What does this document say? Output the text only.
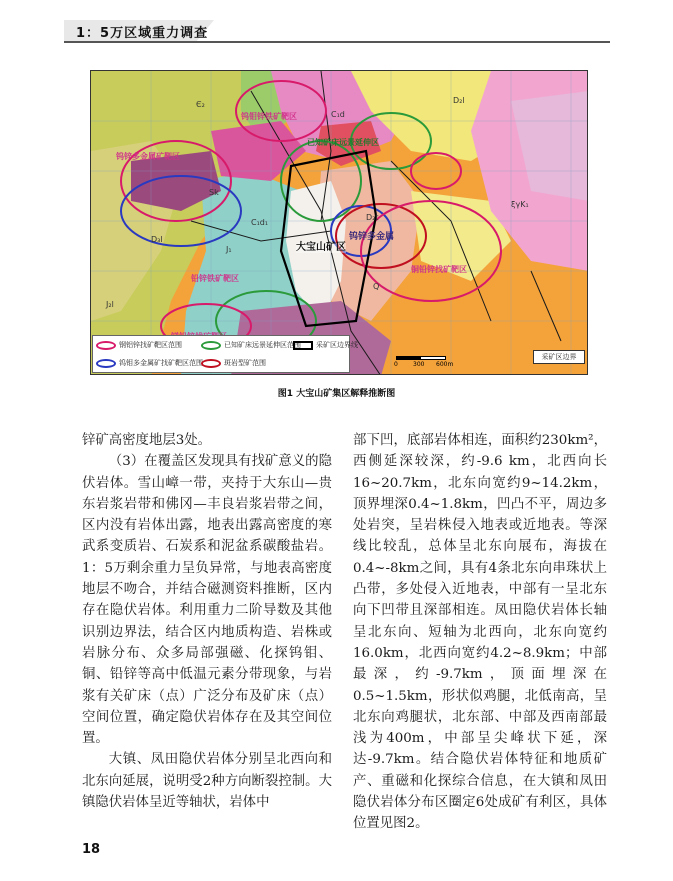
1：5万区域重力调查
钨钼锌铁矿靶区
钨锌多金属矿靶区
已知矿床远景延伸区
大宝山矿区
钨锌多金属
铜铅锌找矿靶区
铅锌铁矿靶区
Є₂	D₂l
D₃l
C₁d
J₁
Q
D₂t
ξγK₁
C₁d₁
J₂l
Sk
钢铝锌找矿靶区范围	已知矿床远景延伸区范围 采矿区边界线
钨钼多金属矿找矿靶区范围	斑岩型矿范围	0	300 600m
采矿区边界
图1 大宝山矿集区解释推断图

锌矿高密度地层3处。

（3）在覆盖区发现具有找矿意义的隐伏岩体。雪山嶂一带，夹持于大东山—贵东岩浆岩带和佛冈—丰良岩浆岩带之间，区内没有岩体出露，地表出露高密度的寒武系变质岩、石炭系和泥盆系碳酸盐岩。1：5万剩余重力呈负异常，与地表高密度地层不吻合，并结合磁测资料推断，区内存在隐伏岩体。利用重力二阶导数及其他识别边界法，结合区内地质构造、岩株或岩脉分布、众多局部强磁、化探钨钼、铜、铅锌等高中低温元素分带现象，与岩浆有关矿床（点）广泛分布及矿床（点）空间位置，确定隐伏岩体存在及其空间位置。

大镇、凤田隐伏岩体分别呈北西向和北东向延展，说明受2种方向断裂控制。大镇隐伏岩体呈近等轴状，岩体中

部下凹，底部岩体相连，面积约230km²，西侧延深较深，约-9.6 km，北西向长16~20.7km，北东向宽约9~14.2km，顶界埋深0.4~1.8km，凹凸不平，周边多处岩突，呈岩株侵入地表或近地表。等深线比较乱，总体呈北东向展布，海拔在0.4~-8km之间，具有4条北东向串珠状上凸带，多处侵入近地表，中部有一呈北东向下凹带且深部相连。凤田隐伏岩体长轴呈北东向、短轴为北西向，北东向宽约16.0km，北西向宽约4.2~8.9km；中部最深，约-9.7km，顶面埋深在0.5~1.5km，形状似鸡腿，北低南高，呈北东向鸡腿状，北东部、中部及西南部最浅为400m，中部呈尖峰状下延，深达-9.7km。结合隐伏岩体特征和地质矿产、重磁和化探综合信息，在大镇和凤田隐伏岩体分布区圈定6处成矿有利区，具体位置见图2。

18
